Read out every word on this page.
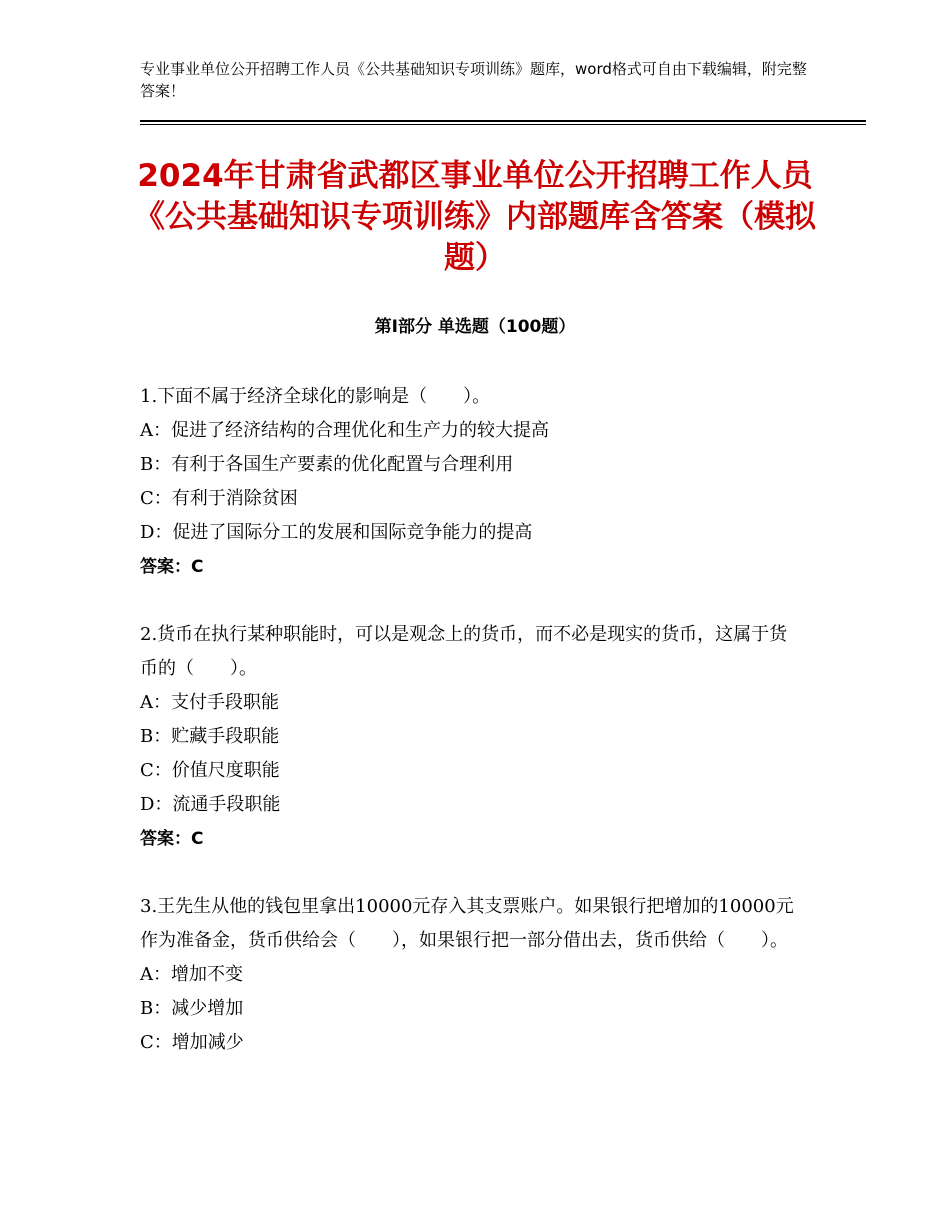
专业事业单位公开招聘工作人员《公共基础知识专项训练》题库，word格式可自由下载编辑，附完整答案！
2024年甘肃省武都区事业单位公开招聘工作人员《公共基础知识专项训练》内部题库含答案（模拟题）
第Ⅰ部分 单选题（100题）

1.下面不属于经济全球化的影响是（　　）。

A：促进了经济结构的合理优化和生产力的较大提高

B：有利于各国生产要素的优化配置与合理利用

C：有利于消除贫困

D：促进了国际分工的发展和国际竞争能力的提高

答案：C

2.货币在执行某种职能时，可以是观念上的货币，而不必是现实的货币，这属于货币的（　　）。

A：支付手段职能

B：贮藏手段职能

C：价值尺度职能

D：流通手段职能

答案：C

3.王先生从他的钱包里拿出10000元存入其支票账户。如果银行把增加的10000元作为准备金，货币供给会（　　），如果银行把一部分借出去，货币供给（　　）。

A：增加不变

B：减少增加

C：增加减少
